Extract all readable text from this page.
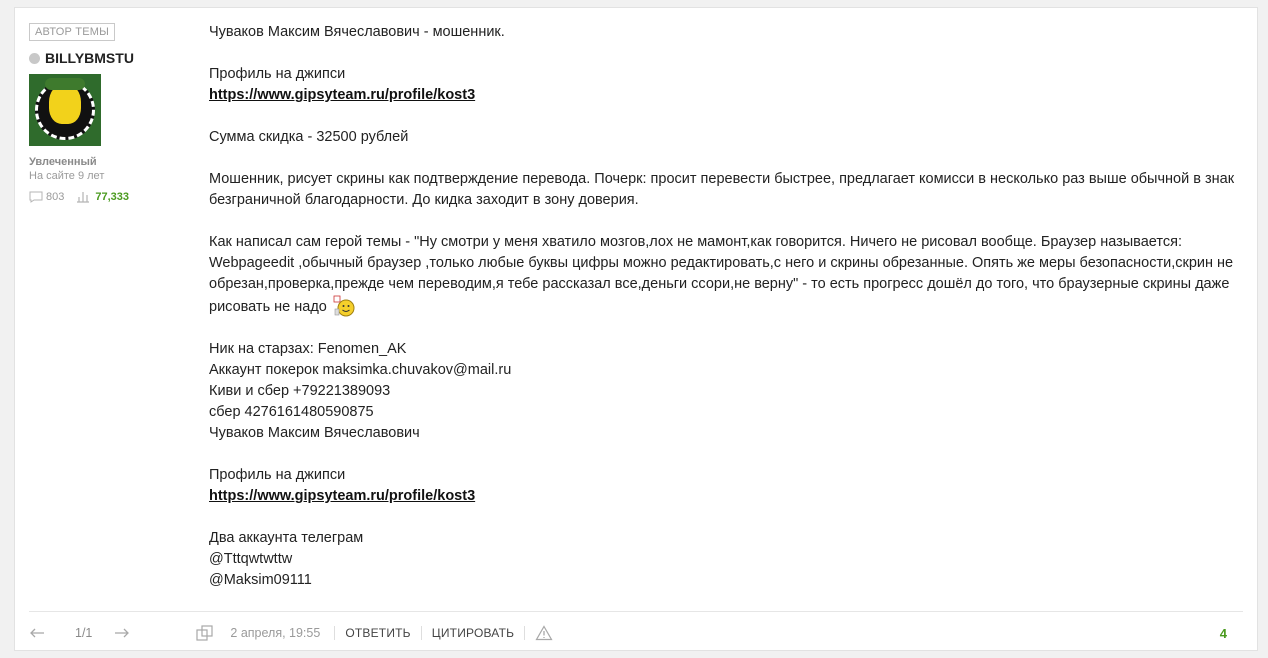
АВТОР ТЕМЫ
BILLYBMSTU
Увлеченный
На сайте 9 лет
803	77,333

Чуваков Максим Вячеславович - мошенник.

Профиль на джипси

https://www.gipsyteam.ru/profile/kost3

Сумма скидка - 32500 рублей

Мошенник, рисует скрины как подтверждение перевода. Почерк: просит перевести быстрее, предлагает комисси в несколько раз выше обычной в знак безграничной благодарности. До кидка заходит в зону доверия.

Как написал сам герой темы - "Ну смотри у меня хватило мозгов,лох не мамонт,как говорится. Ничего не рисовал вообще. Браузер называется: Webpageedit ,обычный браузер ,только любые буквы цифры можно редактировать,с него и скрины обрезанные. Опять же меры безопасности,скрин не обрезан,проверка,прежде чем переводим,я тебе рассказал все,деньги ссори,не верну" - то есть прогресс дошёл до того, что браузерные скрины даже рисовать не надо

Ник на старзах: Fenomen_AK

Аккаунт покерок maksimka.chuvakov@mail.ru

Киви и сбер +79221389093

сбер 4276161480590875

Чуваков Максим Вячеславович

Профиль на джипси

https://www.gipsyteam.ru/profile/kost3

Два аккаунта телеграм

@Tttqwtwttw

@Maksim09111

1/1	2 апреля, 19:55 ОТВЕТИТЬ ЦИТИРОВАТЬ	4
